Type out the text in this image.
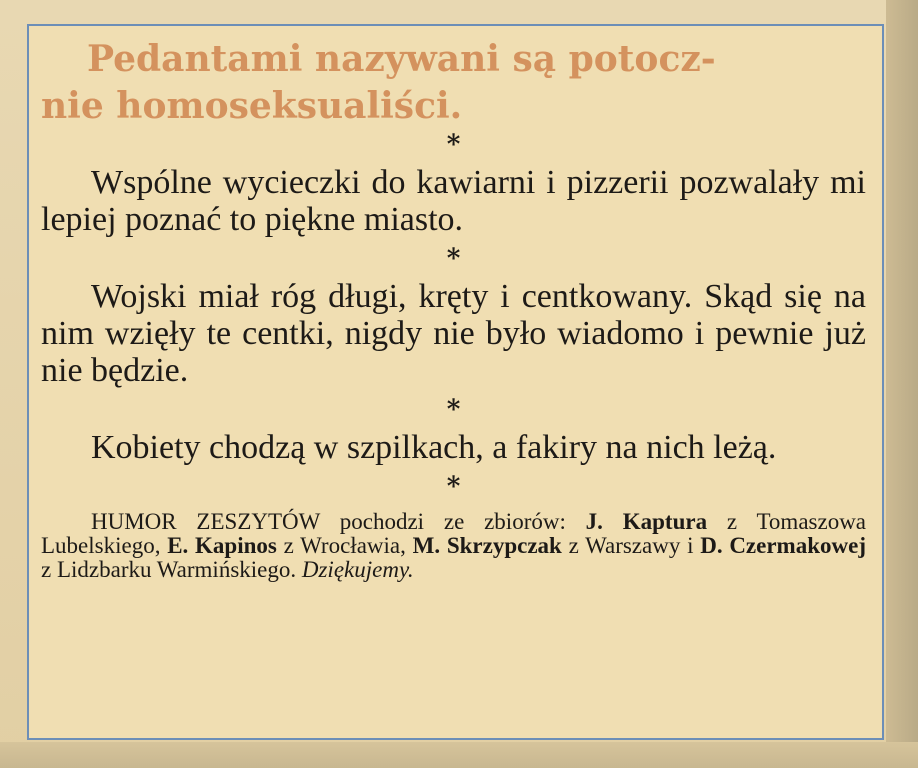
Pedantami nazywani są potocz-
nie homoseksualiści.

*

Wspólne wycieczki do kawiarni i pizzerii pozwalały mi lepiej poznać to piękne miasto.

*

Wojski miał róg długi, kręty i centkowany. Skąd się na nim wzięły te centki, nigdy nie było wiadomo i pewnie już nie będzie.

*

Kobiety chodzą w szpilkach, a fakiry na nich leżą.

*

HUMOR ZESZYTÓW pochodzi ze zbiorów: J. Kaptura z Tomaszowa Lubelskiego, E. Kapinos z Wrocławia, M. Skrzypczak z Warszawy i D. Czermakowej z Lidzbarku Warmińskiego. Dziękujemy.
